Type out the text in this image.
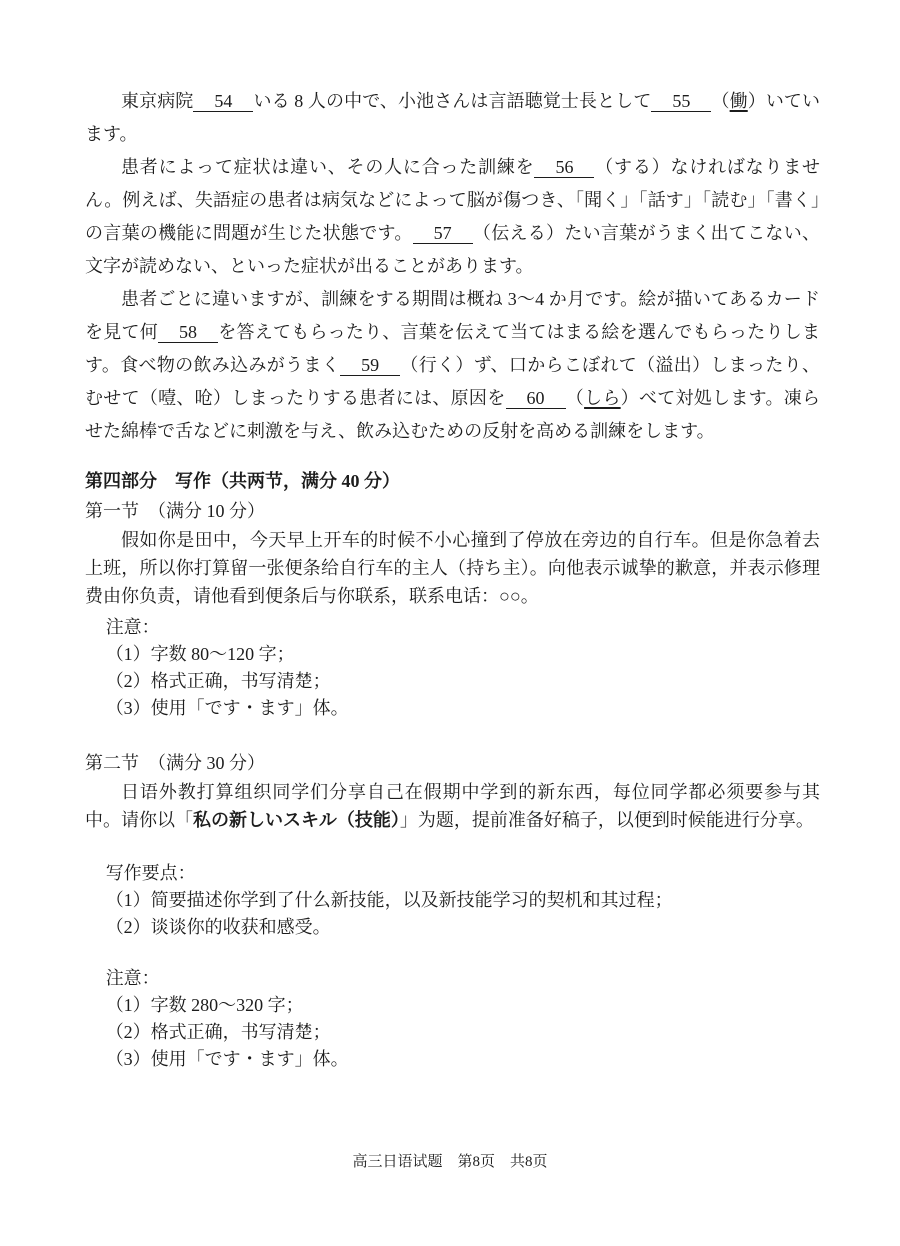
東京病院 54 いる 8 人の中で、小池さんは言語聴覚士長として 55 （働）いています。

患者によって症状は違い、その人に合った訓練を 56 （する）なければなりません。例えば、失語症の患者は病気などによって脳が傷つき、「聞く」「話す」「読む」「書く」の言葉の機能に問題が生じた状態です。 57 （伝える）たい言葉がうまく出てこない、文字が読めない、といった症状が出ることがあります。

患者ごとに違いますが、訓練をする期間は概ね 3～4 か月です。絵が描いてあるカードを見て何 58 を答えてもらったり、言葉を伝えて当てはまる絵を選んでもらったりします。食べ物の飲み込みがうまく 59 （行く）ず、口からこぼれて（溢出）しまったり、むせて（噎、呛）しまったりする患者には、原因を 60 （しら）べて対処します。凍らせた綿棒で舌などに刺激を与え、飲み込むための反射を高める訓練をします。

第四部分　写作（共两节，满分 40 分）
第一节　（满分 10 分）

假如你是田中，今天早上开车的时候不小心撞到了停放在旁边的自行车。但是你急着去上班，所以你打算留一张便条给自行车的主人（持ち主）。向他表示诚挚的歉意，并表示修理费由你负责，请他看到便条后与你联系，联系电话：○○。

注意：
（1）字数 80～120 字；
（2）格式正确，书写清楚；
（3）使用「です・ます」体。
第二节　（满分 30 分）

日语外教打算组织同学们分享自己在假期中学到的新东西，每位同学都必须要参与其中。请你以「私の新しいスキル（技能）」为题，提前准备好稿子，以便到时候能进行分享。

写作要点：
（1）简要描述你学到了什么新技能，以及新技能学习的契机和其过程；
（2）谈谈你的收获和感受。
注意：
（1）字数 280～320 字；
（2）格式正确，书写清楚；
（3）使用「です・ます」体。
高三日语试题　第8页　共8页
